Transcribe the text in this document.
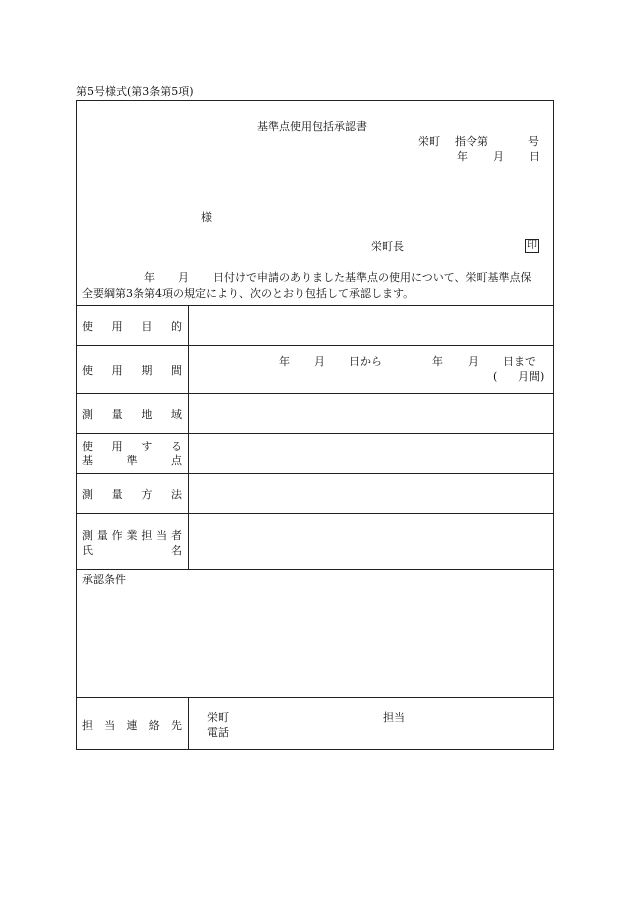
第5号様式(第3条第5項)
基準点使用包括承認書
栄町 指令第	号
年 月 日
様
栄町長	印
年 月 日付けで申請のありました基準点の使用について、栄町基準点保
全要綱第3条第4項の規定により、次のとおり包括して承認します。
使 用 目 的
使 用 期 間
年 月 日から	年 月 日まで
( 月間)
測 量 地 域
使 用 す る
基	準	点
測 量 方 法
測 量 作 業 担 当 者
氏	名
承認条件
担 当 連 絡 先
栄町	担当
電話
